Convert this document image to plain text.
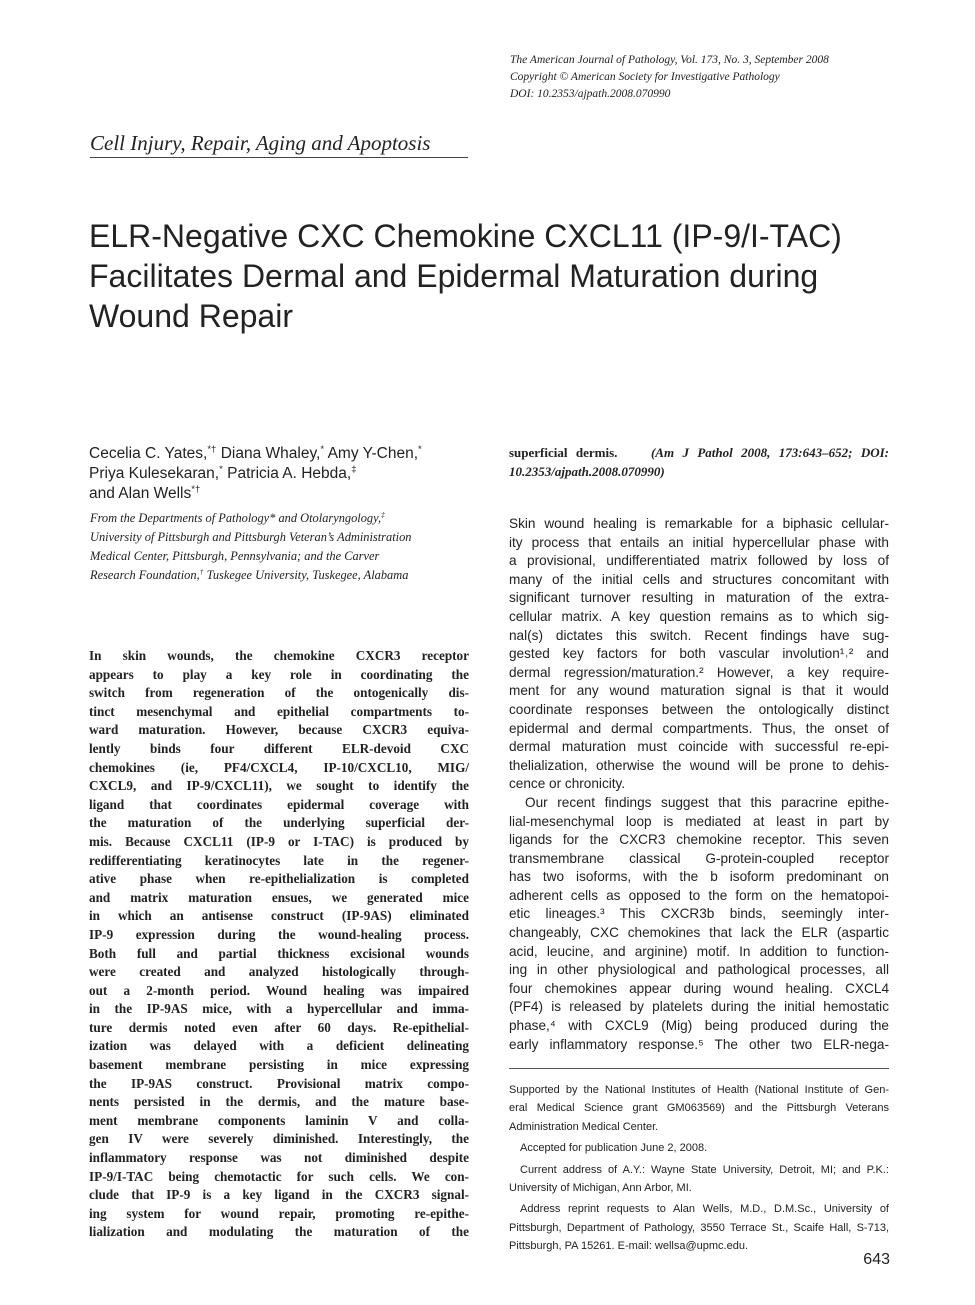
The American Journal of Pathology, Vol. 173, No. 3, September 2008
Copyright © American Society for Investigative Pathology
DOI: 10.2353/ajpath.2008.070990
Cell Injury, Repair, Aging and Apoptosis
ELR-Negative CXC Chemokine CXCL11 (IP-9/I-TAC)
Facilitates Dermal and Epidermal Maturation during
Wound Repair
Cecelia C. Yates,*† Diana Whaley,* Amy Y-Chen,*
Priya Kulesekaran,* Patricia A. Hebda,‡
and Alan Wells*†
From the Departments of Pathology* and Otolaryngology,‡
University of Pittsburgh and Pittsburgh Veteran’s Administration
Medical Center, Pittsburgh, Pennsylvania; and the Carver
Research Foundation,† Tuskegee University, Tuskegee, Alabama
In skin wounds, the chemokine CXCR3 receptor
appears to play a key role in coordinating the
switch from regeneration of the ontogenically dis-
tinct mesenchymal and epithelial compartments to-
ward maturation. However, because CXCR3 equiva-
lently binds four different ELR-devoid CXC
chemokines (ie, PF4/CXCL4, IP-10/CXCL10, MIG/
CXCL9, and IP-9/CXCL11), we sought to identify the
ligand that coordinates epidermal coverage with
the maturation of the underlying superficial der-
mis. Because CXCL11 (IP-9 or I-TAC) is produced by
redifferentiating keratinocytes late in the regener-
ative phase when re-epithelialization is completed
and matrix maturation ensues, we generated mice
in which an antisense construct (IP-9AS) eliminated
IP-9 expression during the wound-healing process.
Both full and partial thickness excisional wounds
were created and analyzed histologically through-
out a 2-month period. Wound healing was impaired
in the IP-9AS mice, with a hypercellular and imma-
ture dermis noted even after 60 days. Re-epithelial-
ization was delayed with a deficient delineating
basement membrane persisting in mice expressing
the IP-9AS construct. Provisional matrix compo-
nents persisted in the dermis, and the mature base-
ment membrane components laminin V and colla-
gen IV were severely diminished. Interestingly, the
inflammatory response was not diminished despite
IP-9/I-TAC being chemotactic for such cells. We con-
clude that IP-9 is a key ligand in the CXCR3 signal-
ing system for wound repair, promoting re-epithe-
lialization and modulating the maturation of the
superficial dermis.	(Am J Pathol 2008, 173:643–652; DOI:
10.2353/ajpath.2008.070990)
Skin wound healing is remarkable for a biphasic cellular-
ity process that entails an initial hypercellular phase with
a provisional, undifferentiated matrix followed by loss of
many of the initial cells and structures concomitant with
significant turnover resulting in maturation of the extra-
cellular matrix. A key question remains as to which sig-
nal(s) dictates this switch. Recent findings have sug-
gested key factors for both vascular involution¹˒² and
dermal regression/maturation.² However, a key require-
ment for any wound maturation signal is that it would
coordinate responses between the ontologically distinct
epidermal and dermal compartments. Thus, the onset of
dermal maturation must coincide with successful re-epi-
thelialization, otherwise the wound will be prone to dehis-
cence or chronicity.
Our recent findings suggest that this paracrine epithe-
lial-mesenchymal loop is mediated at least in part by
ligands for the CXCR3 chemokine receptor. This seven
transmembrane classical G-protein-coupled receptor
has two isoforms, with the b isoform predominant on
adherent cells as opposed to the form on the hematopoi-
etic lineages.³ This CXCR3b binds, seemingly inter-
changeably, CXC chemokines that lack the ELR (aspartic
acid, leucine, and arginine) motif. In addition to function-
ing in other physiological and pathological processes, all
four chemokines appear during wound healing. CXCL4
(PF4) is released by platelets during the initial hemostatic
phase,⁴ with CXCL9 (Mig) being produced during the
early inflammatory response.⁵ The other two ELR-nega-
Supported by the National Institutes of Health (National Institute of Gen-
eral Medical Science grant GM063569) and the Pittsburgh Veterans
Administration Medical Center.
Accepted for publication June 2, 2008.
Current address of A.Y.: Wayne State University, Detroit, MI; and P.K.:
University of Michigan, Ann Arbor, MI.
Address reprint requests to Alan Wells, M.D., D.M.Sc., University of
Pittsburgh, Department of Pathology, 3550 Terrace St., Scaife Hall, S-713,
Pittsburgh, PA 15261. E-mail: wellsa@upmc.edu.
643
